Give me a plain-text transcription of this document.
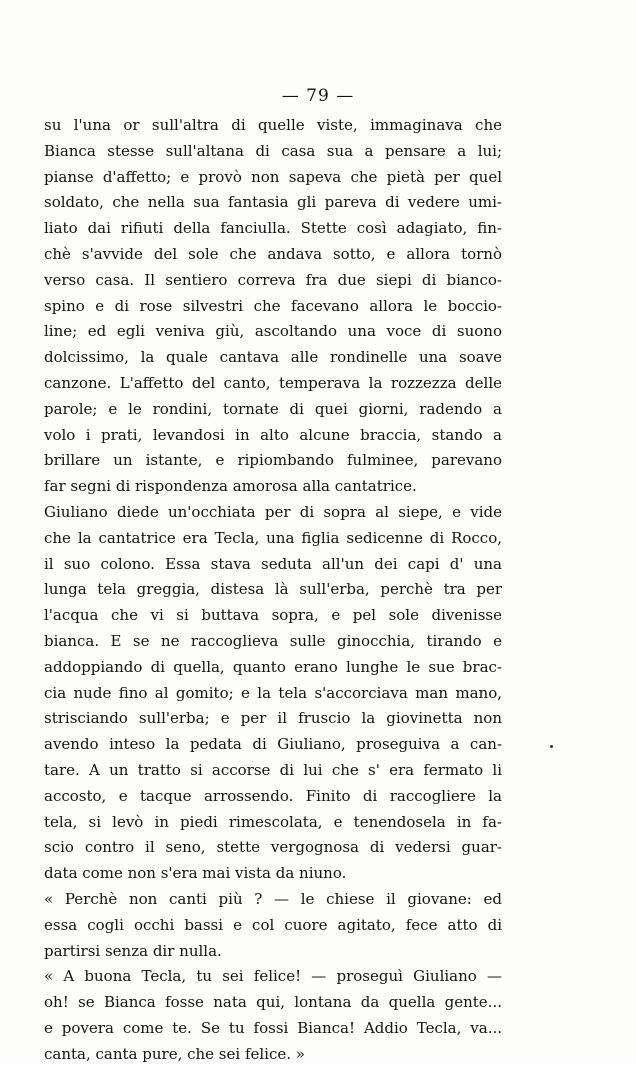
— 79 —
su l'una or sull'altra di quelle viste, immaginava che
Bianca stesse sull'altana di casa sua a pensare a lui;
pianse d'affetto; e provò non sapeva che pietà per quel
soldato, che nella sua fantasia gli pareva di vedere umi-
liato dai rifiuti della fanciulla. Stette così adagiato, fin-
chè s'avvide del sole che andava sotto, e allora tornò
verso casa. Il sentiero correva fra due siepi di bianco-
spino e di rose silvestri che facevano allora le boccio-
line; ed egli veniva giù, ascoltando una voce di suono
dolcissimo, la quale cantava alle rondinelle una soave
canzone. L'affetto del canto, temperava la rozzezza delle
parole; e le rondini, tornate di quei giorni, radendo a
volo i prati, levandosi in alto alcune braccia, stando a
brillare un istante, e ripiombando fulminee, parevano
far segni di rispondenza amorosa alla cantatrice.
Giuliano diede un'occhiata per di sopra al siepe, e vide
che la cantatrice era Tecla, una figlia sedicenne di Rocco,
il suo colono. Essa stava seduta all'un dei capi d' una
lunga tela greggia, distesa là sull'erba, perchè tra per
l'acqua che vi si buttava sopra, e pel sole divenisse
bianca. E se ne raccoglieva sulle ginocchia, tirando e
addoppiando di quella, quanto erano lunghe le sue brac-
cia nude fino al gomito; e la tela s'accorciava man mano,
strisciando sull'erba; e per il fruscio la giovinetta non
avendo inteso la pedata di Giuliano, proseguiva a can-
tare. A un tratto si accorse di lui che s' era fermato li
accosto, e tacque arrossendo. Finito di raccogliere la
tela, si levò in piedi rimescolata, e tenendosela in fa-
scio contro il seno, stette vergognosa di vedersi guar-
data come non s'era mai vista da niuno.
« Perchè non canti più ? — le chiese il giovane: ed
essa cogli occhi bassi e col cuore agitato, fece atto di
partirsi senza dir nulla.
« A buona Tecla, tu sei felice! — proseguì Giuliano —
oh! se Bianca fosse nata qui, lontana da quella gente...
e povera come te. Se tu fossi Bianca! Addio Tecla, va...
canta, canta pure, che sei felice. »
